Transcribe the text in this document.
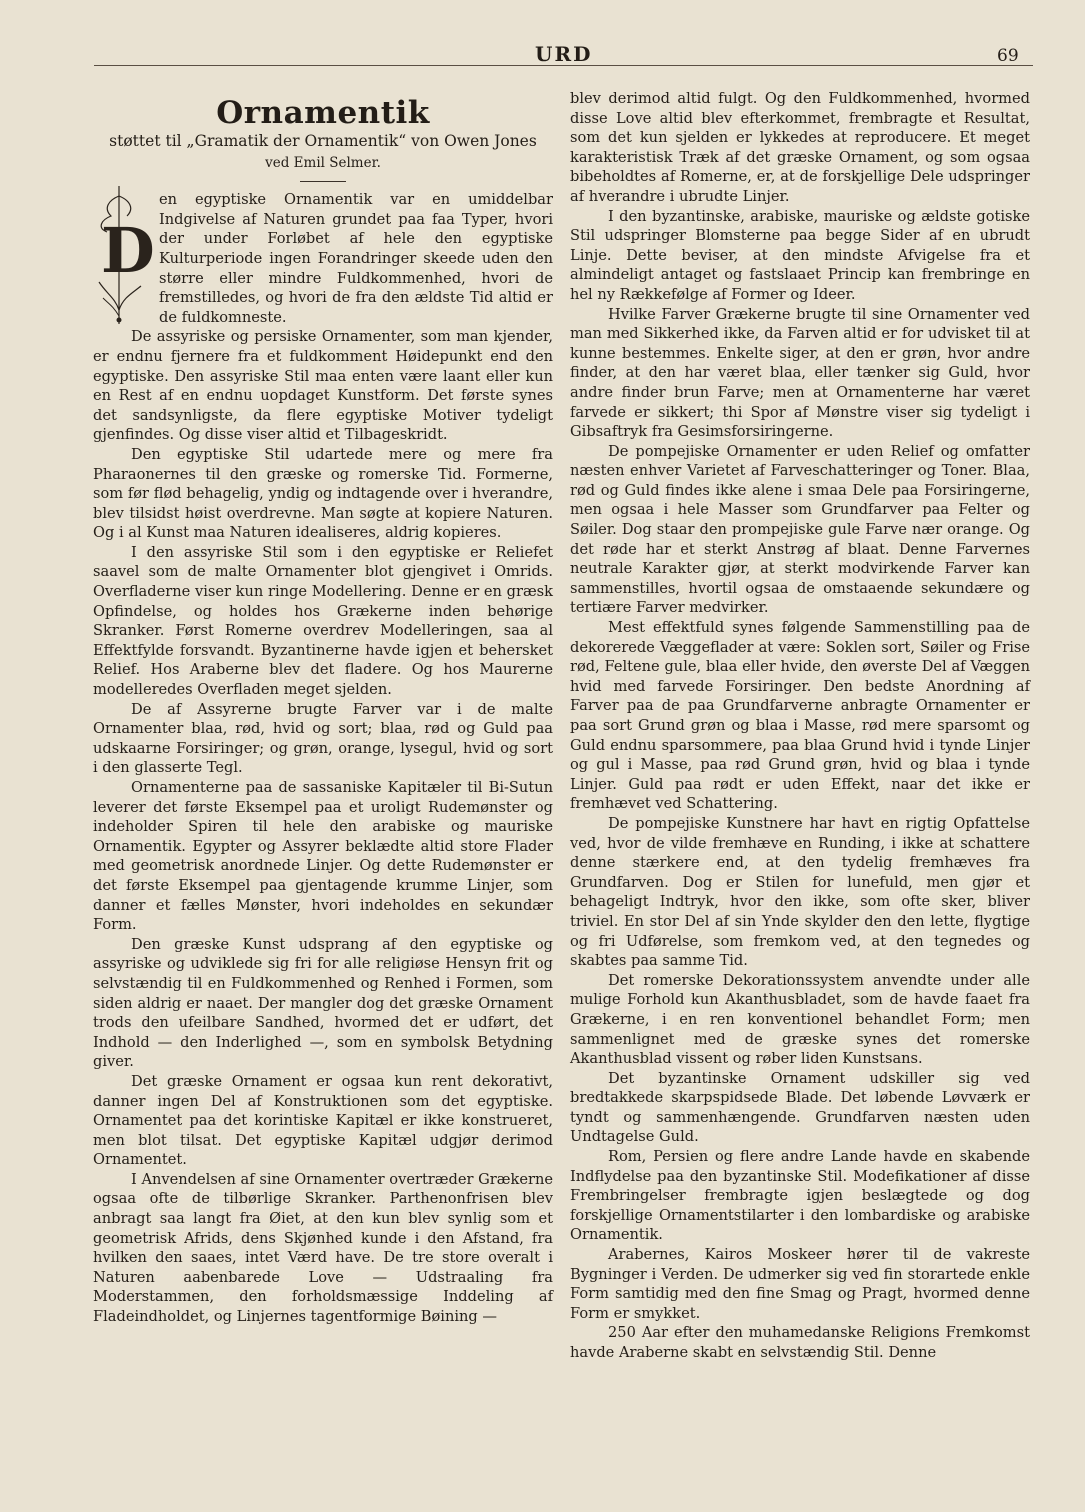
URD	69
Ornamentik
støttet til „Gramatik der Ornamentik“ von Owen Jones
ved Emil Selmer.
D

en egyptiske Ornamentik var en umiddelbar Indgivelse af Naturen grundet paa faa Typer, hvori der under Forløbet af hele den egyptiske Kulturperiode ingen Forandringer skeede uden den større eller mindre Fuldkommenhed, hvori de fremstilledes, og hvori de fra den ældste Tid altid er de fuldkomneste.

De assyriske og persiske Ornamenter, som man kjender, er endnu fjernere fra et fuldkomment Høidepunkt end den egyptiske. Den assyriske Stil maa enten være laant eller kun en Rest af en endnu uopdaget Kunstform. Det første synes det sandsynligste, da flere egyptiske Motiver tydeligt gjenfindes. Og disse viser altid et Tilbageskridt.

Den egyptiske Stil udartede mere og mere fra Pharaonernes til den græske og romerske Tid. Formerne, som før flød behagelig, yndig og indtagende over i hverandre, blev tilsidst høist overdrevne. Man søgte at kopiere Naturen. Og i al Kunst maa Naturen idealiseres, aldrig kopieres.

I den assyriske Stil som i den egyptiske er Reliefet saavel som de malte Ornamenter blot gjengivet i Omrids. Overfladerne viser kun ringe Modellering. Denne er en græsk Opfindelse, og holdes hos Grækerne inden behørige Skranker. Først Romerne overdrev Modelleringen, saa al Effektfylde forsvandt. Byzantinerne havde igjen et behersket Relief. Hos Araberne blev det fladere. Og hos Maurerne modelleredes Overfladen meget sjelden.

De af Assyrerne brugte Farver var i de malte Ornamenter blaa, rød, hvid og sort; blaa, rød og Guld paa udskaarne Forsiringer; og grøn, orange, lysegul, hvid og sort i den glasserte Tegl.

Ornamenterne paa de sassaniske Kapitæler til Bi-Sutun leverer det første Eksempel paa et uroligt Rudemønster og indeholder Spiren til hele den arabiske og mauriske Ornamentik. Egypter og Assyrer beklædte altid store Flader med geometrisk anordnede Linjer. Og dette Rudemønster er det første Eksempel paa gjentagende krumme Linjer, som danner et fælles Mønster, hvori indeholdes en sekundær Form.

Den græske Kunst udsprang af den egyptiske og assyriske og udviklede sig fri for alle religiøse Hensyn frit og selvstændig til en Fuldkommenhed og Renhed i Formen, som siden aldrig er naaet. Der mangler dog det græske Ornament trods den ufeilbare Sandhed, hvormed det er udført, det Indhold — den Inderlighed —, som en symbolsk Betydning giver.

Det græske Ornament er ogsaa kun rent dekorativt, danner ingen Del af Konstruktionen som det egyptiske. Ornamentet paa det korintiske Kapitæl er ikke konstrueret, men blot tilsat. Det egyptiske Kapitæl udgjør derimod Ornamentet.

I Anvendelsen af sine Ornamenter overtræder Grækerne ogsaa ofte de tilbørlige Skranker. Parthenonfrisen blev anbragt saa langt fra Øiet, at den kun blev synlig som et geometrisk Afrids, dens Skjønhed kunde i den Afstand, fra hvilken den saaes, intet Værd have. De tre store overalt i Naturen aabenbarede Love — Udstraaling fra Moderstammen, den forholdsmæssige Inddeling af Fladeindholdet, og Linjernes tagentformige Bøining —

blev derimod altid fulgt. Og den Fuldkommenhed, hvormed disse Love altid blev efterkommet, frembragte et Resultat, som det kun sjelden er lykkedes at reproducere. Et meget karakteristisk Træk af det græske Ornament, og som ogsaa bibeholdtes af Romerne, er, at de forskjellige Dele udspringer af hverandre i ubrudte Linjer.

I den byzantinske, arabiske, mauriske og ældste gotiske Stil udspringer Blomsterne paa begge Sider af en ubrudt Linje. Dette beviser, at den mindste Afvigelse fra et almindeligt antaget og fastslaaet Princip kan frembringe en hel ny Rækkefølge af Former og Ideer.

Hvilke Farver Grækerne brugte til sine Ornamenter ved man med Sikkerhed ikke, da Farven altid er for udvisket til at kunne bestemmes. Enkelte siger, at den er grøn, hvor andre finder, at den har været blaa, eller tænker sig Guld, hvor andre finder brun Farve; men at Ornamenterne har været farvede er sikkert; thi Spor af Mønstre viser sig tydeligt i Gibsaftryk fra Gesimsforsiringerne.

De pompejiske Ornamenter er uden Relief og omfatter næsten enhver Varietet af Farveschatteringer og Toner. Blaa, rød og Guld findes ikke alene i smaa Dele paa Forsiringerne, men ogsaa i hele Masser som Grundfarver paa Felter og Søiler. Dog staar den prompejiske gule Farve nær orange. Og det røde har et sterkt Anstrøg af blaat. Denne Farvernes neutrale Karakter gjør, at sterkt modvirkende Farver kan sammenstilles, hvortil ogsaa de omstaaende sekundære og tertiære Farver medvirker.

Mest effektfuld synes følgende Sammenstilling paa de dekorerede Væggeflader at være: Soklen sort, Søiler og Frise rød, Feltene gule, blaa eller hvide, den øverste Del af Væggen hvid med farvede Forsiringer. Den bedste Anordning af Farver paa de paa Grundfarverne anbragte Ornamenter er paa sort Grund grøn og blaa i Masse, rød mere sparsomt og Guld endnu sparsommere, paa blaa Grund hvid i tynde Linjer og gul i Masse, paa rød Grund grøn, hvid og blaa i tynde Linjer. Guld paa rødt er uden Effekt, naar det ikke er fremhævet ved Schattering.

De pompejiske Kunstnere har havt en rigtig Opfattelse ved, hvor de vilde fremhæve en Runding, i ikke at schattere denne stærkere end, at den tydelig fremhæves fra Grundfarven. Dog er Stilen for lunefuld, men gjør et behageligt Indtryk, hvor den ikke, som ofte sker, bliver triviel. En stor Del af sin Ynde skylder den den lette, flygtige og fri Udførelse, som fremkom ved, at den tegnedes og skabtes paa samme Tid.

Det romerske Dekorationssystem anvendte under alle mulige Forhold kun Akanthusbladet, som de havde faaet fra Grækerne, i en ren konventionel behandlet Form; men sammenlignet med de græske synes det romerske Akanthusblad vissent og røber liden Kunstsans.

Det byzantinske Ornament udskiller sig ved bredtakkede skarpspidsede Blade. Det løbende Løvværk er tyndt og sammenhængende. Grundfarven næsten uden Undtagelse Guld.

Rom, Persien og flere andre Lande havde en skabende Indflydelse paa den byzantinske Stil. Modefikationer af disse Frembringelser frembragte igjen beslægtede og dog forskjellige Ornamentstilarter i den lombardiske og arabiske Ornamentik.

Arabernes, Kairos Moskeer hører til de vakreste Bygninger i Verden. De udmerker sig ved fin storartede enkle Form samtidig med den fine Smag og Pragt, hvormed denne Form er smykket.

250 Aar efter den muhamedanske Religions Fremkomst havde Araberne skabt en selvstændig Stil. Denne
